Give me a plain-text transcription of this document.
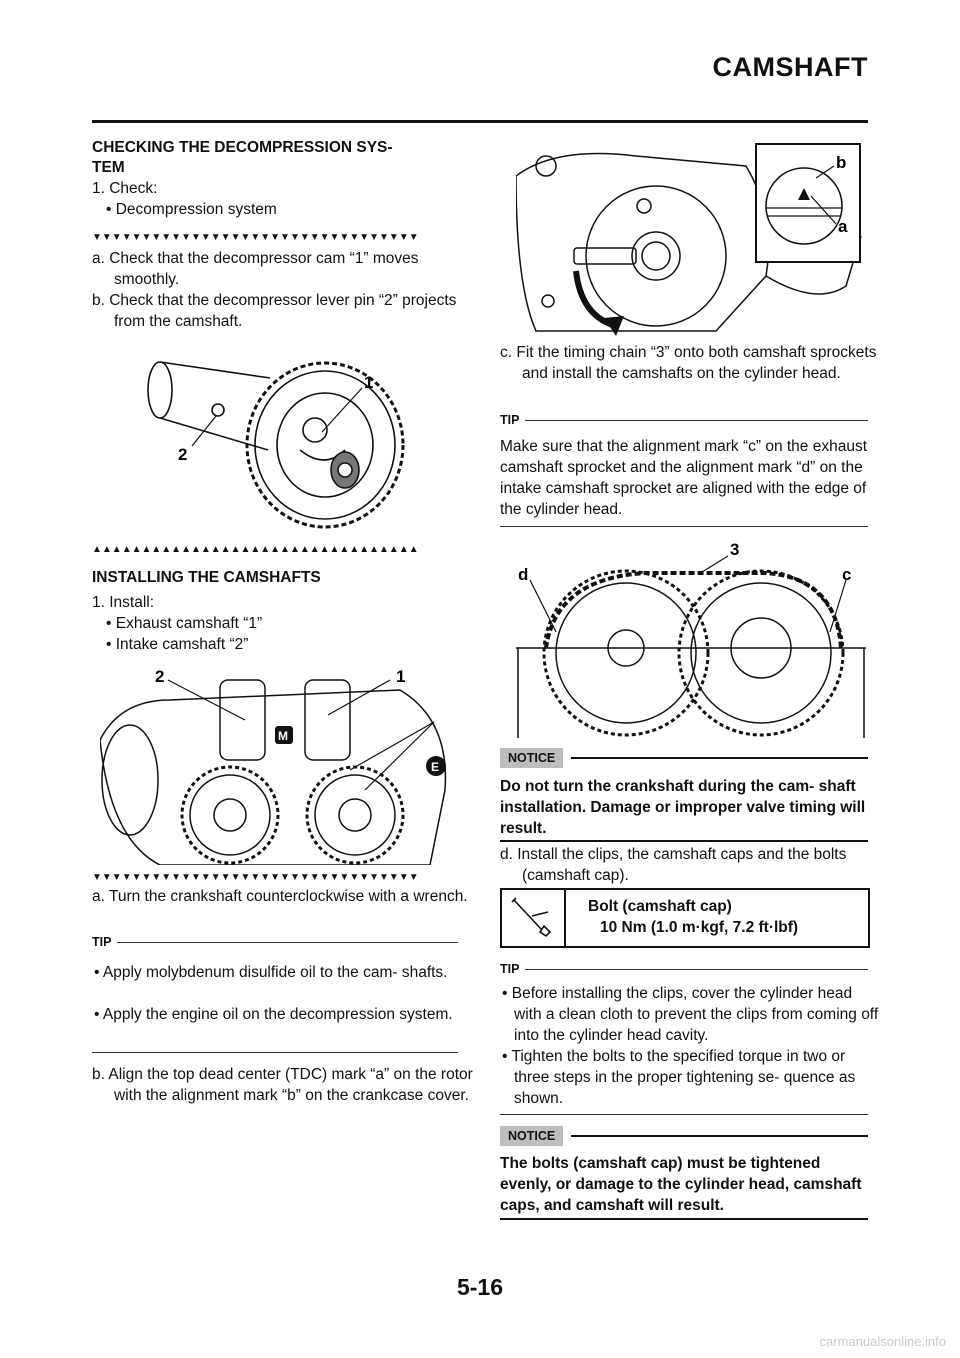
CAMSHAFT
CHECKING THE DECOMPRESSION SYS-
TEM
1. Check:
• Decompression system
▼▼▼▼▼▼▼▼▼▼▼▼▼▼▼▼▼▼▼▼▼▼▼▼▼▼▼▼▼▼▼▼▼
a. Check that the decompressor cam “1” moves smoothly.
b. Check that the decompressor lever pin “2” projects from the camshaft.
1
2
▲▲▲▲▲▲▲▲▲▲▲▲▲▲▲▲▲▲▲▲▲▲▲▲▲▲▲▲▲▲▲▲▲
INSTALLING THE CAMSHAFTS
1. Install:
• Exhaust camshaft “1”
• Intake camshaft “2”
M
E
2	1
▼▼▼▼▼▼▼▼▼▼▼▼▼▼▼▼▼▼▼▼▼▼▼▼▼▼▼▼▼▼▼▼▼
a. Turn the crankshaft counterclockwise with a wrench.
TIP
• Apply molybdenum disulfide oil to the cam- shafts.
• Apply the engine oil on the decompression system.
b. Align the top dead center (TDC) mark “a” on the rotor with the alignment mark “b” on the crankcase cover.
b
a
c. Fit the timing chain “3” onto both camshaft sprockets and install the camshafts on the cylinder head.
TIP
Make sure that the alignment mark “c” on the exhaust camshaft sprocket and the alignment mark “d” on the intake camshaft sprocket are aligned with the edge of the cylinder head.
3
d	c
NOTICE
Do not turn the crankshaft during the cam- shaft installation. Damage or improper valve timing will result.
d. Install the clips, the camshaft caps and the bolts (camshaft cap).
Bolt (camshaft cap)
10 Nm (1.0 m·kgf, 7.2 ft·lbf)
TIP
• Before installing the clips, cover the cylinder head with a clean cloth to prevent the clips from coming off into the cylinder head cavity.
• Tighten the bolts to the specified torque in two or three steps in the proper tightening se- quence as shown.
NOTICE
The bolts (camshaft cap) must be tightened evenly, or damage to the cylinder head, camshaft caps, and camshaft will result.
5-16
carmanualsonline.info
